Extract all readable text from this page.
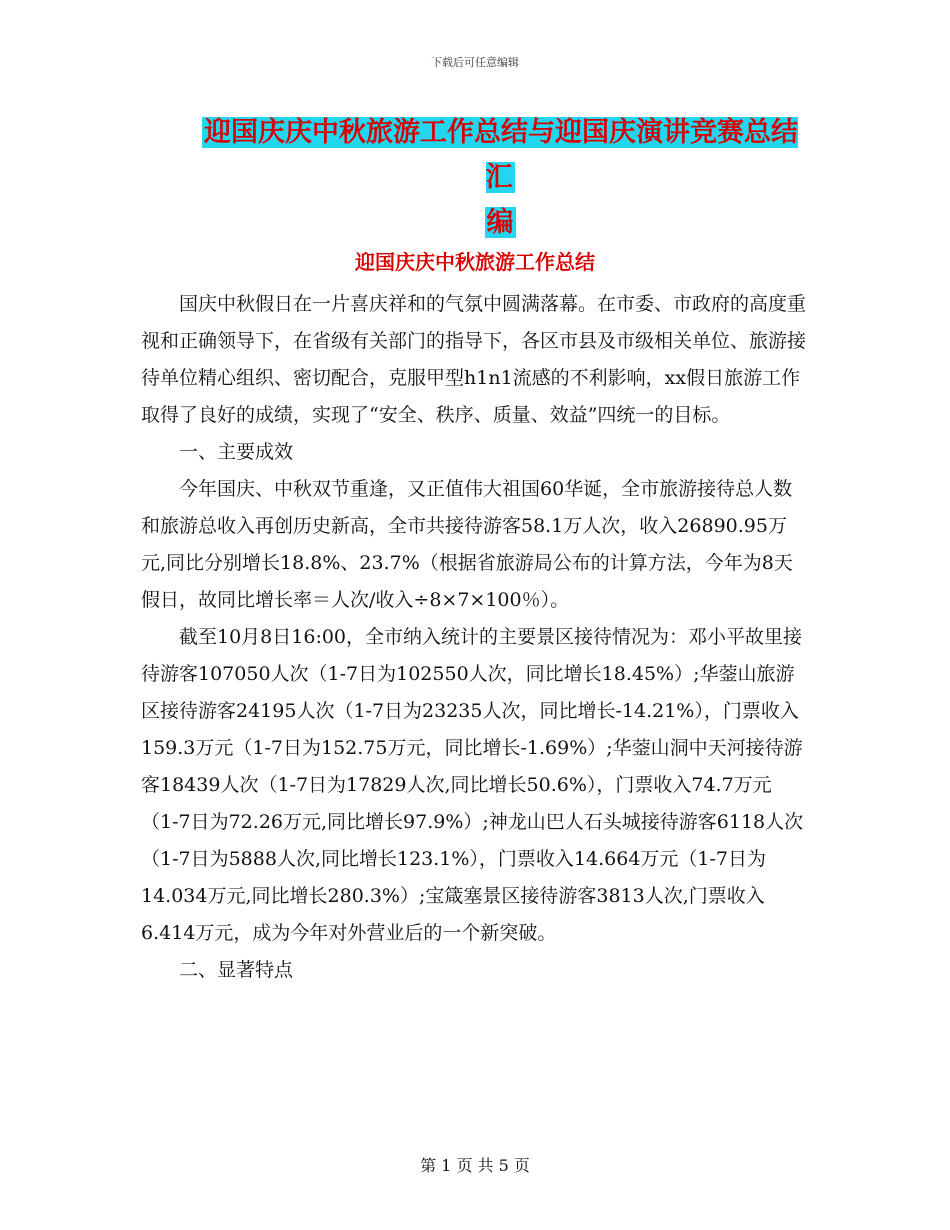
下载后可任意编辑
迎国庆庆中秋旅游工作总结与迎国庆演讲竞赛总结汇
编
迎国庆庆中秋旅游工作总结

国庆中秋假日在一片喜庆祥和的气氛中圆满落幕。在市委、市政府的高度重视和正确领导下，在省级有关部门的指导下，各区市县及市级相关单位、旅游接待单位精心组织、密切配合，克服甲型h1n1流感的不利影响，xx假日旅游工作取得了良好的成绩，实现了“安全、秩序、质量、效益”四统一的目标。

一、主要成效

今年国庆、中秋双节重逢，又正值伟大祖国60华诞，全市旅游接待总人数和旅游总收入再创历史新高，全市共接待游客58.1万人次，收入26890.95万元,同比分别增长18.8%、23.7%（根据省旅游局公布的计算方法，今年为8天假日，故同比增长率＝人次/收入÷8×7×100％）。

截至10月8日16:00，全市纳入统计的主要景区接待情况为：邓小平故里接待游客107050人次（1-7日为102550人次，同比增长18.45%）;华蓥山旅游区接待游客24195人次（1-7日为23235人次，同比增长-14.21%），门票收入159.3万元（1-7日为152.75万元，同比增长-1.69%）;华蓥山洞中天河接待游客18439人次（1-7日为17829人次,同比增长50.6%），门票收入74.7万元（1-7日为72.26万元,同比增长97.9%）;神龙山巴人石头城接待游客6118人次（1-7日为5888人次,同比增长123.1%），门票收入14.664万元（1-7日为14.034万元,同比增长280.3%）;宝箴塞景区接待游客3813人次,门票收入6.414万元，成为今年对外营业后的一个新突破。

二、显著特点

第 1 页 共 5 页
